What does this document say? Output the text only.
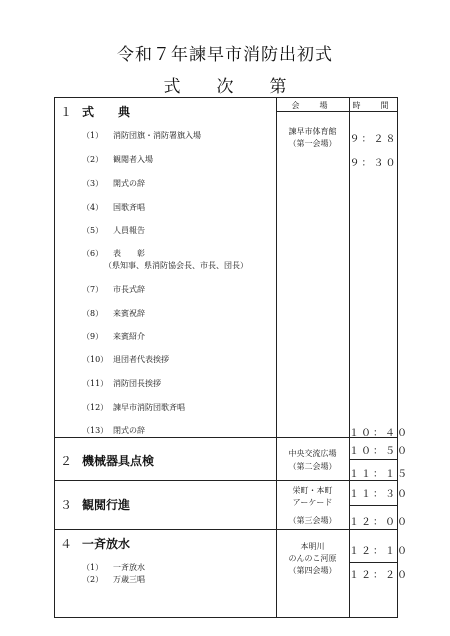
令和７年諫早市消防出初式
式次第
会　場	時　間
１ 式　　典
諫早市体育館
（第一会場）
（1） 消防団旗・消防署旗入場
（2） 観閲者入場
（3） 開式の辞
（4） 国歌斉唱
（5） 人員報告
（6） 表　　彰
（県知事、県消防協会長、市長、団長）
（7） 市長式辞
（8） 来賓祝辞
（9） 来賓紹介
（10） 退団者代表挨拶
（11） 消防団長挨拶
（12） 諫早市消防団歌斉唱
（13） 閉式の辞
９：２８
９：３０
１０：４０
２ 機械器具点検
中央交流広場
（第二会場）
１０：５０
１１：１５
３ 観閲行進
栄町・本町
アーケード
（第三会場）
１１：３０
１２：００
４ 一斉放水	本明川
のんのこ河原
（第四会場）
（1） 一斉放水
（2） 万歳三唱
１２：１０
１２：２０
